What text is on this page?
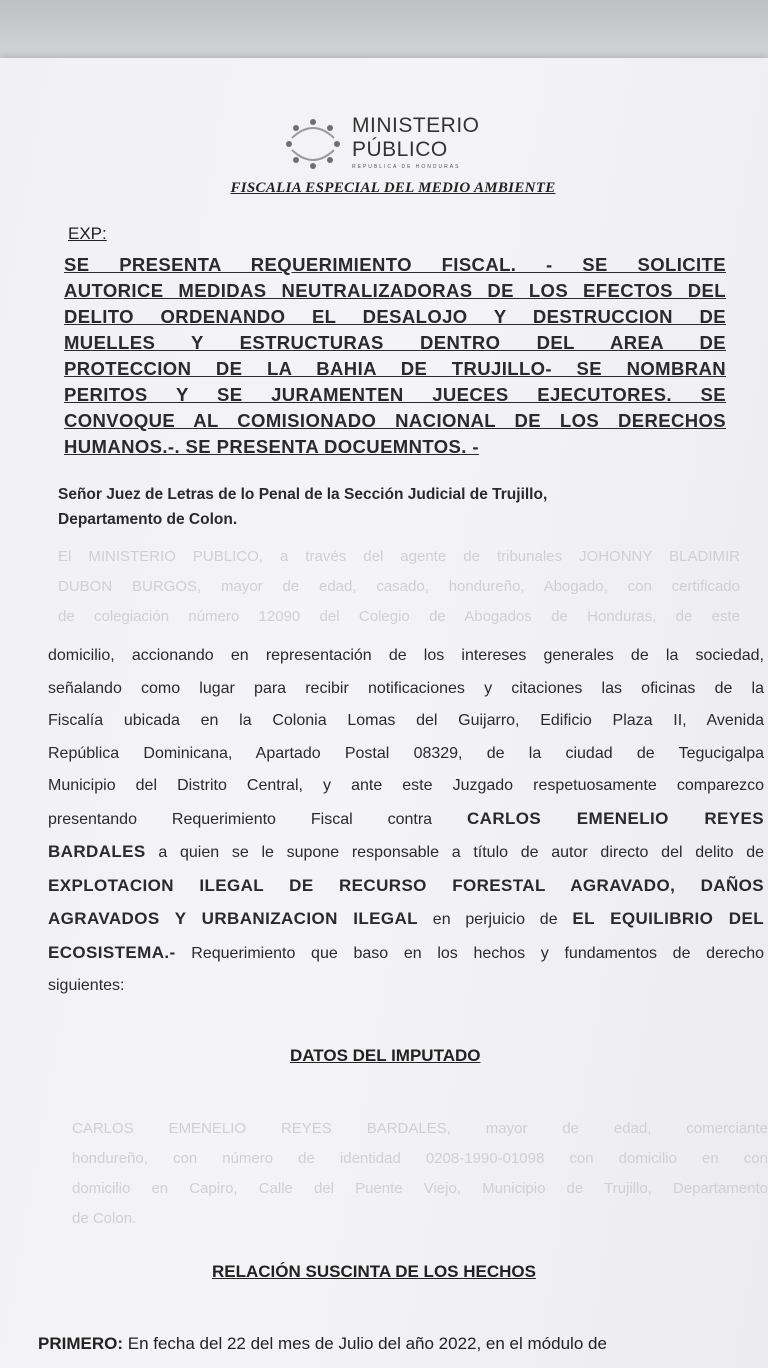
MINISTERIO
PÚBLICO
REPUBLICA DE HONDURAS
FISCALIA ESPECIAL DEL MEDIO AMBIENTE
EXP:
SE PRESENTA REQUERIMIENTO FISCAL. - SE SOLICITE
AUTORICE MEDIDAS NEUTRALIZADORAS DE LOS EFECTOS DEL
DELITO ORDENANDO EL DESALOJO Y DESTRUCCION DE
MUELLES Y ESTRUCTURAS DENTRO DEL AREA DE
PROTECCION DE LA BAHIA DE TRUJILLO- SE NOMBRAN
PERITOS Y SE JURAMENTEN JUECES EJECUTORES. SE
CONVOQUE AL COMISIONADO NACIONAL DE LOS DERECHOS
HUMANOS.-. SE PRESENTA DOCUEMNTOS. -
Señor Juez de Letras de lo Penal de la Sección Judicial de Trujillo,
Departamento de Colon.
El MINISTERIO PUBLICO, a través del agente de tribunales JOHONNY BLADIMIR
DUBON BURGOS, mayor de edad, casado, hondureño, Abogado, con certificado
de colegiación número 12090 del Colegio de Abogados de Honduras, de este
domicilio, accionando en representación de los intereses generales de la sociedad,
señalando como lugar para recibir notificaciones y citaciones las oficinas de la
Fiscalía ubicada en la Colonia Lomas del Guijarro, Edificio Plaza II, Avenida
República Dominicana, Apartado Postal 08329, de la ciudad de Tegucigalpa
Municipio del Distrito Central, y ante este Juzgado respetuosamente comparezco
presentando Requerimiento Fiscal contra CARLOS EMENELIO REYES
BARDALES a quien se le supone responsable a título de autor directo del delito de
EXPLOTACION ILEGAL DE RECURSO FORESTAL AGRAVADO, DAÑOS
AGRAVADOS Y URBANIZACION ILEGAL en perjuicio de EL EQUILIBRIO DEL
ECOSISTEMA.- Requerimiento que baso en los hechos y fundamentos de derecho
siguientes:
DATOS DEL IMPUTADO
CARLOS EMENELIO REYES BARDALES, mayor de edad, comerciante
hondureño, con número de identidad 0208-1990-01098 con domicilio en con
domicilio en Capiro, Calle del Puente Viejo, Municipio de Trujillo, Departamento
de Colon.
RELACIÓN SUSCINTA DE LOS HECHOS
PRIMERO: En fecha del 22 del mes de Julio del año 2022, en el módulo de
